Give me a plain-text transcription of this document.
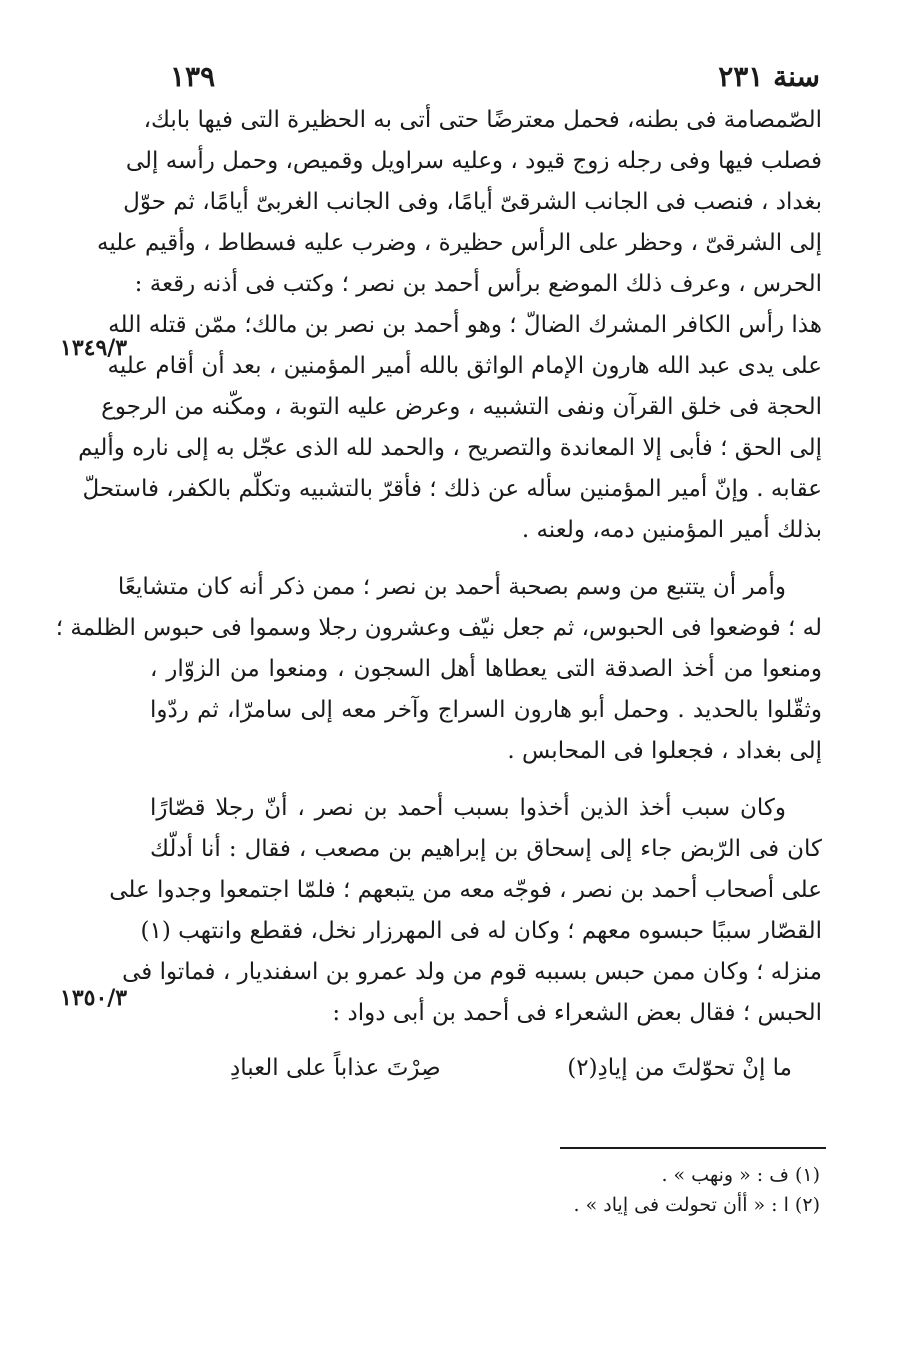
سنة ٢٣١
١٣٩
١٣٤٩/٣
١٣٥٠/٣
الصّمصامة فى بطنه، فحمل معترضًا حتى أتى به الحظيرة التى فيها بابك،
فصلب فيها وفى رجله زوج قيود ، وعليه سراويل وقميص، وحمل رأسه إلى
بغداد ، فنصب فى الجانب الشرقىّ أيامًا، وفى الجانب الغربىّ أيامًا، ثم حوّل
إلى الشرقىّ ، وحظر على الرأس حظيرة ، وضرب عليه فسطاط ، وأقيم عليه
الحرس ، وعرف ذلك الموضع برأس أحمد بن نصر ؛ وكتب فى أذنه رقعة :
هذا رأس الكافر المشرك الضالّ ؛ وهو أحمد بن نصر بن مالك؛ ممّن قتله الله
على يدى عبد الله هارون الإمام الواثق بالله أمير المؤمنين ، بعد أن أقام عليه
الحجة فى خلق القرآن ونفى التشبيه ، وعرض عليه التوبة ، ومكّنه من الرجوع
إلى الحق ؛ فأبى إلا المعاندة والتصريح ، والحمد لله الذى عجّل به إلى ناره وأليم
عقابه . وإنّ أمير المؤمنين سأله عن ذلك ؛ فأقرّ بالتشبيه وتكلّم بالكفر، فاستحلّ
بذلك أمير المؤمنين دمه، ولعنه .
وأمر أن يتتبع من وسم بصحبة أحمد بن نصر ؛ ممن ذكر أنه كان متشايعًا
له ؛ فوضعوا فى الحبوس، ثم جعل نيّف وعشرون رجلا وسموا فى حبوس الظلمة ؛
ومنعوا من أخذ الصدقة التى يعطاها أهل السجون ، ومنعوا من الزوّار ،
وثقّلوا بالحديد . وحمل أبو هارون السراج وآخر معه إلى سامرّا، ثم ردّوا
إلى بغداد ، فجعلوا فى المحابس .
وكان سبب أخذ الذين أخذوا بسبب أحمد بن نصر ، أنّ رجلا قصّارًا
كان فى الرّبض جاء إلى إسحاق بن إبراهيم بن مصعب ، فقال : أنا أدلّك
على أصحاب أحمد بن نصر ، فوجّه معه من يتبعهم ؛ فلمّا اجتمعوا وجدوا على
القصّار سببًا حبسوه معهم ؛ وكان له فى المهرزار نخل، فقطع وانتهب (١)
منزله ؛ وكان ممن حبس بسببه قوم من ولد عمرو بن اسفنديار ، فماتوا فى
الحبس ؛ فقال بعض الشعراء فى أحمد بن أبى دواد :
ما إنْ تحوّلتَ من إيادِ(٢)
صِرْتَ عذاباً على العبادِ
(١) ف : « ونهب » .
(٢) ا : « أأن تحولت فى إياد » .
